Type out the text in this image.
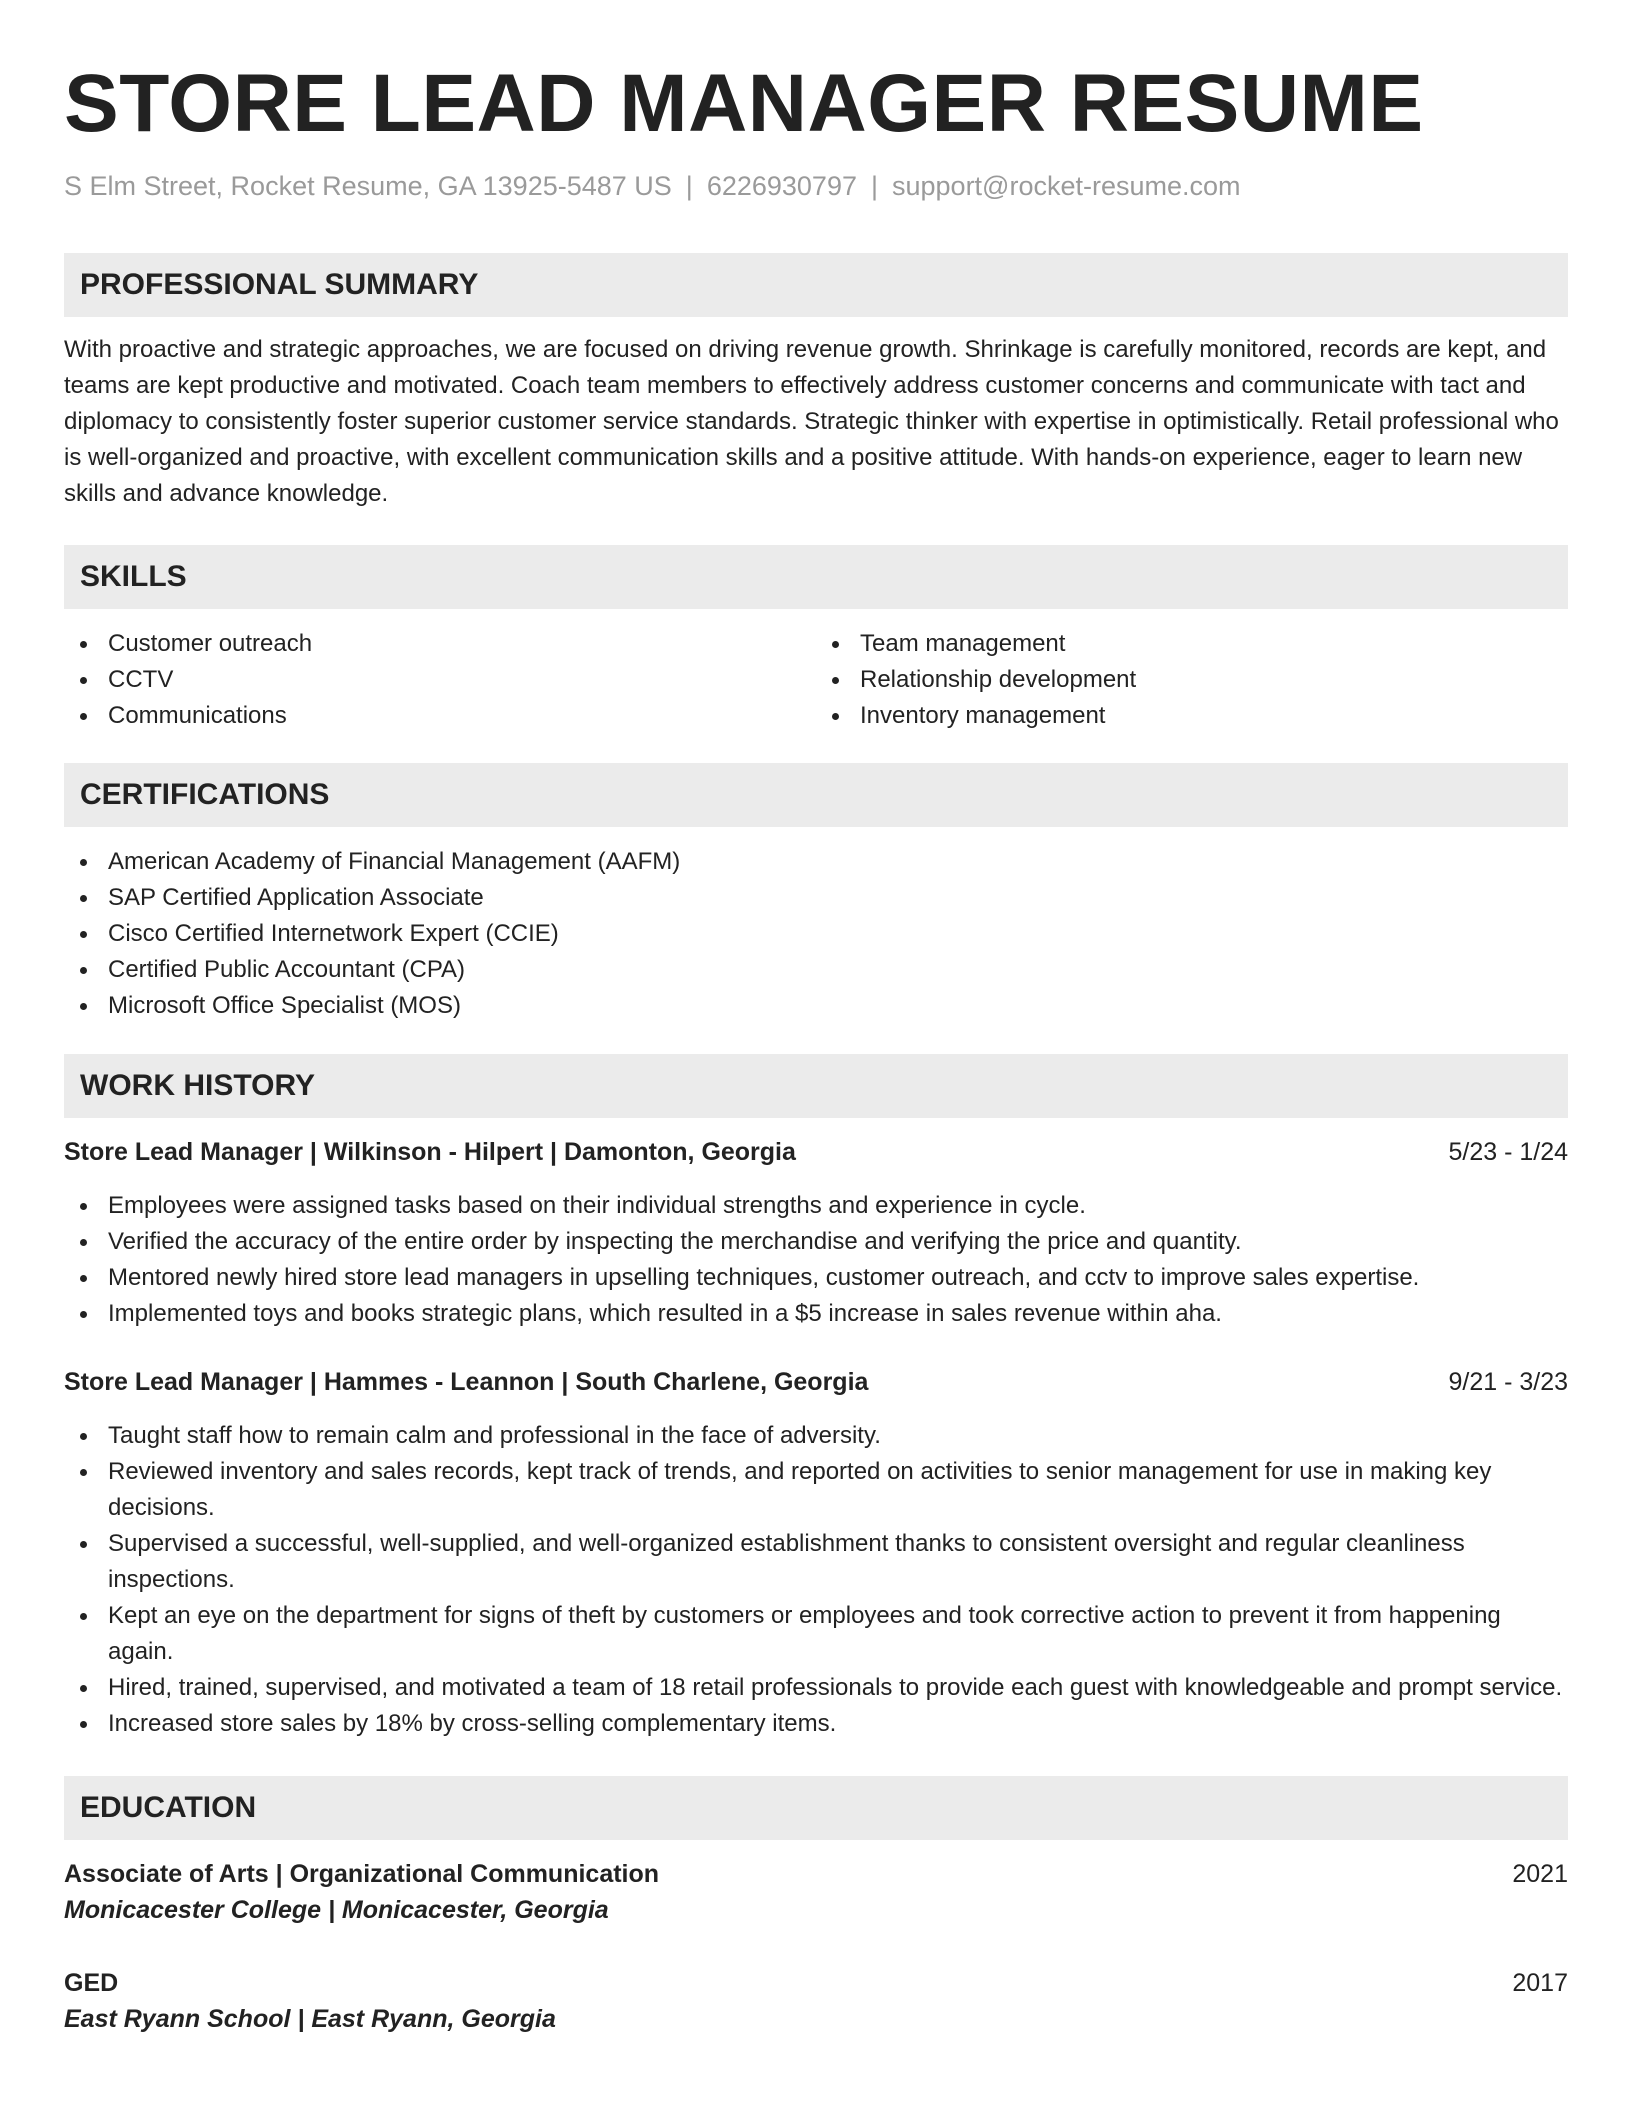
STORE LEAD MANAGER RESUME
S Elm Street, Rocket Resume, GA 13925-5487 US | 6226930797 | support@rocket-resume.com
PROFESSIONAL SUMMARY
With proactive and strategic approaches, we are focused on driving revenue growth. Shrinkage is carefully monitored, records are kept, and teams are kept productive and motivated. Coach team members to effectively address customer concerns and communicate with tact and diplomacy to consistently foster superior customer service standards. Strategic thinker with expertise in optimistically. Retail professional who is well-organized and proactive, with excellent communication skills and a positive attitude. With hands-on experience, eager to learn new skills and advance knowledge.
SKILLS
Customer outreach
CCTV
Communications
Team management
Relationship development
Inventory management
CERTIFICATIONS
American Academy of Financial Management (AAFM)
SAP Certified Application Associate
Cisco Certified Internetwork Expert (CCIE)
Certified Public Accountant (CPA)
Microsoft Office Specialist (MOS)
WORK HISTORY
Store Lead Manager | Wilkinson - Hilpert | Damonton, Georgia	5/23 - 1/24
Employees were assigned tasks based on their individual strengths and experience in cycle.
Verified the accuracy of the entire order by inspecting the merchandise and verifying the price and quantity.
Mentored newly hired store lead managers in upselling techniques, customer outreach, and cctv to improve sales expertise.
Implemented toys and books strategic plans, which resulted in a $5 increase in sales revenue within aha.
Store Lead Manager | Hammes - Leannon | South Charlene, Georgia	9/21 - 3/23
Taught staff how to remain calm and professional in the face of adversity.
Reviewed inventory and sales records, kept track of trends, and reported on activities to senior management for use in making key decisions.
Supervised a successful, well-supplied, and well-organized establishment thanks to consistent oversight and regular cleanliness inspections.
Kept an eye on the department for signs of theft by customers or employees and took corrective action to prevent it from happening again.
Hired, trained, supervised, and motivated a team of 18 retail professionals to provide each guest with knowledgeable and prompt service.
Increased store sales by 18% by cross-selling complementary items.
EDUCATION
Associate of Arts | Organizational Communication	2021
Monicacester College | Monicacester, Georgia
GED	2017
East Ryann School | East Ryann, Georgia
